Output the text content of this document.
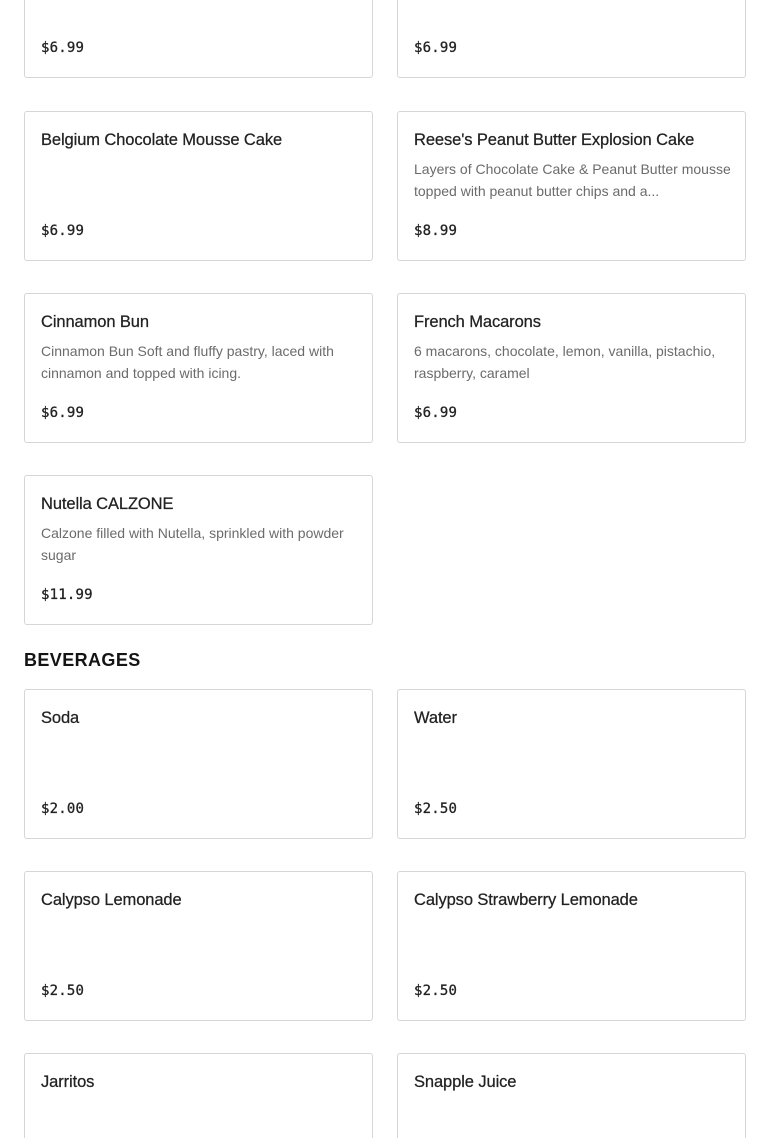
$6.99	$6.99
Belgium Chocolate Mousse Cake
$6.99
Reese's Peanut Butter Explosion Cake
Layers of Chocolate Cake & Peanut Butter mousse topped with peanut butter chips and a...
$8.99
Cinnamon Bun
Cinnamon Bun Soft and fluffy pastry, laced with cinnamon and topped with icing.
$6.99
French Macarons
6 macarons, chocolate, lemon, vanilla, pistachio, raspberry, caramel
$6.99
Nutella CALZONE
Calzone filled with Nutella, sprinkled with powder sugar
$11.99
BEVERAGES
Soda
$2.00
Water
$2.50
Calypso Lemonade
$2.50
Calypso Strawberry Lemonade
$2.50
Jarritos	Snapple Juice
